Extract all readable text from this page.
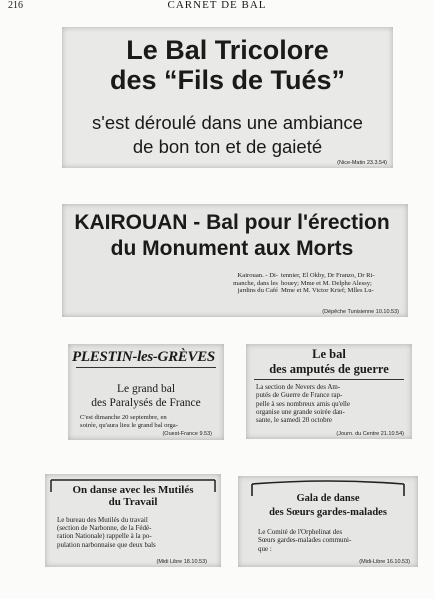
216	CARNET DE BAL
Le Bal Tricolore
des “Fils de Tués”
s'est déroulé dans une ambiance
de bon ton et de gaieté
(Nice-Matin 23.3.54)
KAIROUAN - Bal pour l'érection
du Monument aux Morts
Kairouan. - Di-
manche, dans les
jardins du Café
tennier, El Okby, Dr Franzo, Dr Ri-
houey; Mme et M. Delphe Alessy;
Mme et M. Victor Krief; Mlles Lu-
(Dépêche Tunisienne 10.10.53)
PLESTIN-les-GRÈVES
Le grand bal
des Paralysés de France
C'est dimanche 20 septembre, en
soirée, qu'aura lieu le grand bal orga-
(Ouest-France 9.53)
Le bal
des amputés de guerre
La section de Nevers des Am-
putés de Guerre de France rap-
pelle à ses nombreux amis qu'elle
organise une grande soirée dan-
sante, le samedi 20 octobre
(Journ. du Centre 21.10.54)
On danse avec les Mutilés
du Travail
Le bureau des Mutilés du travail
(section de Narbonne, de la Fédé-
ration Nationale) rappelle à la po-
pulation narbonnaise que deux bals
(Midi Libre 18.10.53)
Gala de danse
des Sœurs gardes-malades
Le Comité de l'Orphelinat des
Sœurs gardes-malades communi-
que :
(Midi-Libre 16.10.53)
